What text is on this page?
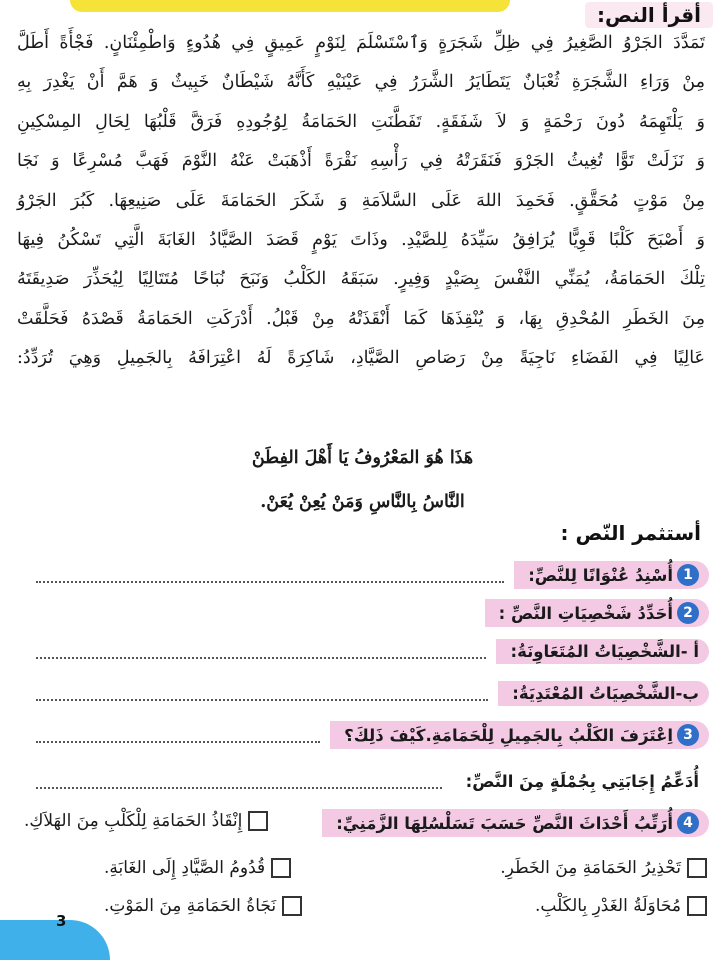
أقرأ النص:

تَمَدَّدَ الجَرْوُ الصَّغِيرُ فِي ظِلِّ شَجَرَةٍ وَٱسْتَسْلَمَ لِنَوْمٍ عَمِيقٍ فِي هُدُوءٍ وَاطْمِئْنَانٍ. فَجْأَةً أَطَلَّ

مِنْ وَرَاءِ الشَّجَرَةِ ثُعْبَانٌ يَتَطَايَرُ الشَّرَرُ فِي عَيْنَيْهِ كَأَنَّهُ شَيْطَانٌ خَبِيثٌ وَ هَمَّ أَنْ يَغْدِرَ بِهِ

وَ يَلْتَهِمَهُ دُونَ رَحْمَةٍ وَ لاَ شَفَقَةٍ. تَفَطَّنَتِ الحَمَامَةُ لِوُجُودِهِ فَرَقَّ قَلْبُهَا لِحَالِ المِسْكِينِ

وَ نَزَلَتْ تَوًّا تُغِيثُ الجَرْوَ فَنَقَرَتْهُ فِي رَأْسِهِ نَقْرَةً أَذْهَبَتْ عَنْهُ النَّوْمَ فَهَبَّ مُسْرِعًا وَ نَجَا

مِنْ مَوْتٍ مُحَقَّقٍ. فَحَمِدَ اللهَ عَلَى السَّلاَمَةِ وَ شَكَرَ الحَمَامَةَ عَلَى صَنِيعِهَا. كَبُرَ الجَرْوُ

وَ أَصْبَحَ كَلْبًا قَوِيًّا يُرَافِقُ سَيِّدَهُ لِلصَّيْدِ. وذَاتَ يَوْمٍ قَصَدَ الصَّيَّادُ الغَابَةَ الَّتِي تَسْكُنُ فِيهَا

تِلْكَ الحَمَامَةُ، يُمَنِّي النَّفْسَ بِصَيْدٍ وَفِيرٍ. سَبَقَهُ الكَلْبُ وَنَبَحَ نُبَاحًا مُتَتَالِيًا لِيُحَذِّرَ صَدِيقَتَهُ

مِنَ الخَطَرِ المُحْدِقِ بِهَا، وَ يُنْقِذَهَا كَمَا أَنْقَذَتْهُ مِنْ قَبْلُ. أَدْرَكَتِ الحَمَامَةُ قَصْدَهُ فَحَلَّقَتْ

عَالِيًا فِي الفَضَاءِ نَاجِيَةً مِنْ رَصَاصِ الصَّيَّادِ، شَاكِرَةً لَهُ اعْتِرَافَهُ بِالجَمِيلِ وَهِيَ تُرَدِّدُ:

هَذَا هُوَ المَعْرُوفُ يَا أَهْلَ الفِطَنْ
النَّاسُ بِالنَّاسِ وَمَنْ يُعِنْ يُعَنْ.
أستثمر النّص :
1
أُسْنِدُ عُنْوَانًا لِلنَّصِّ:
2
أُحَدِّدُ شَخْصِيَاتِ النَّصِّ :
أ -الشَّخْصِيَاتُ المُتَعَاوِنَةُ:
ب-الشَّخْصِيَاتُ المُعْتَدِيَةُ:
3
اِعْتَرَفَ الكَلْبُ بِالجَمِيلِ لِلْحَمَامَةِ.كَيْفَ ذَلِكَ؟
أُدَعِّمُ إِجَابَتِي بِجُمْلَةٍ مِنَ النَّصِّ:
4
أُرَتِّبُ أَحْدَاثَ النَّصِّ حَسَبَ تَسَلْسُلِهَا الزَّمَنِيِّ:
إِنْقَاذُ الحَمَامَةِ لِلْكَلْبِ مِنَ الهَلاَكِ.
تَحْذِيرُ الحَمَامَةِ مِنَ الخَطَرِ.
قُدُومُ الصَّيَّادِ إِلَى الغَابَةِ.
مُحَاوَلَةُ الغَدْرِ بِالكَلْبِ.
نَجَاةُ الحَمَامَةِ مِنَ المَوْتِ.
3
